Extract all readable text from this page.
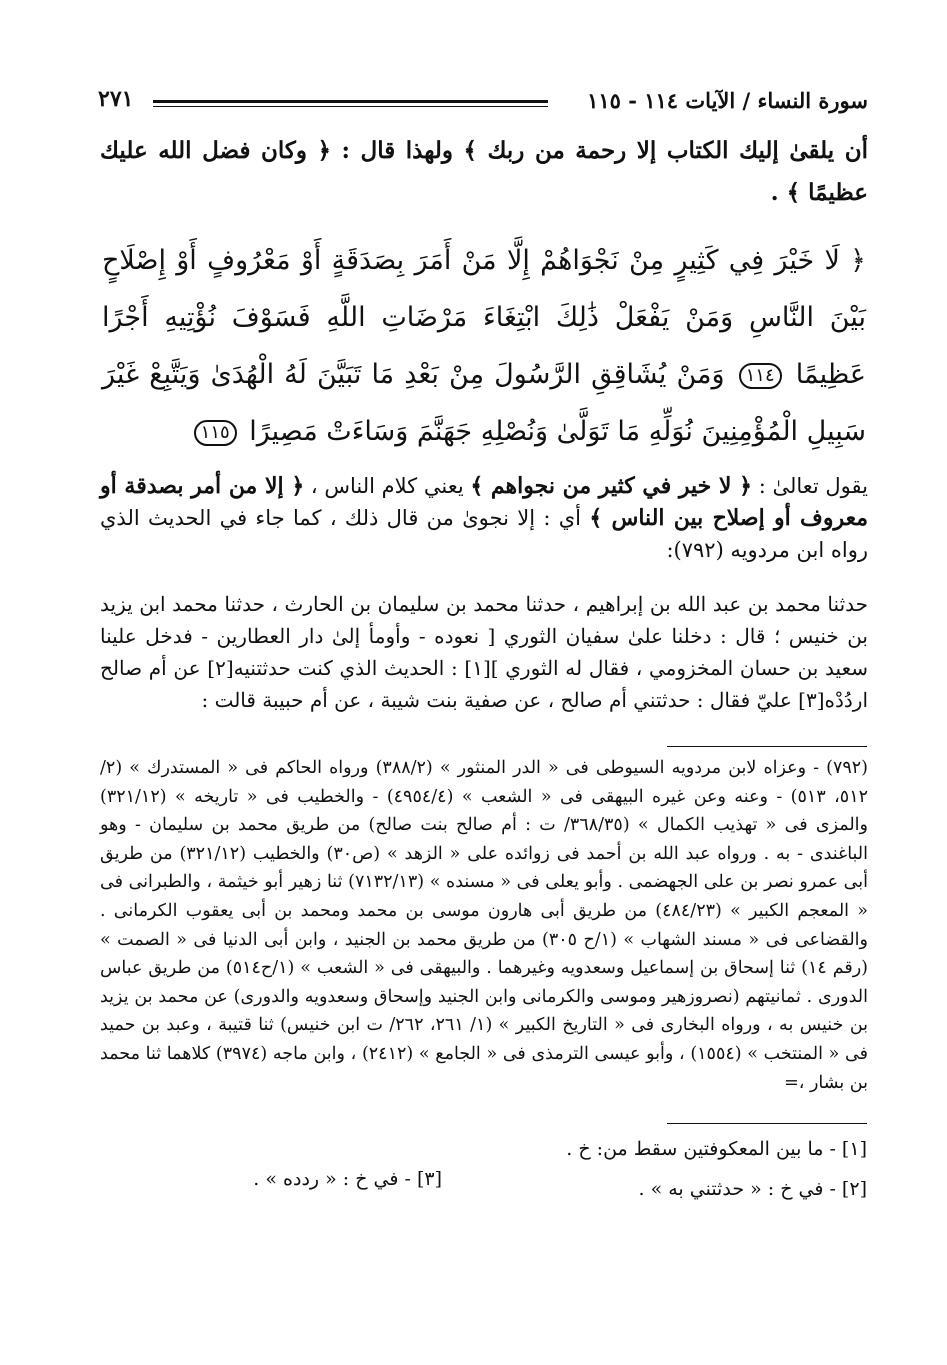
٢٧١	سورة النساء / الآيات ١١٤ - ١١٥
أن يلقىٰ إليك الكتاب إلا رحمة من ربك ﴾ ولهذا قال : ﴿ وكان فضل الله عليك عظيمًا ﴾ .
﴿ لَا خَيْرَ فِي كَثِيرٍ مِنْ نَجْوَاهُمْ إِلَّا مَنْ أَمَرَ بِصَدَقَةٍ أَوْ مَعْرُوفٍ أَوْ إِصْلَاحٍ بَيْنَ النَّاسِ وَمَنْ يَفْعَلْ ذَٰلِكَ ابْتِغَاءَ مَرْضَاتِ اللَّهِ فَسَوْفَ نُؤْتِيهِ أَجْرًا عَظِيمًا ١١٤ وَمَنْ يُشَاقِقِ الرَّسُولَ مِنْ بَعْدِ مَا تَبَيَّنَ لَهُ الْهُدَىٰ وَيَتَّبِعْ غَيْرَ سَبِيلِ الْمُؤْمِنِينَ نُوَلِّهِ مَا تَوَلَّىٰ وَنُصْلِهِ جَهَنَّمَ وَسَاءَتْ مَصِيرًا ١١٥
يقول تعالىٰ : ﴿ لا خير في كثير من نجواهم ﴾ يعني كلام الناس ، ﴿ إلا من أمر بصدقة أو معروف أو إصلاح بين الناس ﴾ أي : إلا نجوىٰ من قال ذلك ، كما جاء في الحديث الذي رواه ابن مردويه (٧٩٢):
حدثنا محمد بن عبد الله بن إبراهيم ، حدثنا محمد بن سليمان بن الحارث ، حدثنا محمد ابن يزيد بن خنيس ؛ قال : دخلنا علىٰ سفيان الثوري [ نعوده - وأومأ إلىٰ دار العطارين - فدخل علينا سعيد بن حسان المخزومي ، فقال له الثوري ][١] : الحديث الذي كنت حدثتنيه[٢] عن أم صالح اردُدْه[٣] عليّ فقال : حدثتني أم صالح ، عن صفية بنت شيبة ، عن أم حبيبة قالت :
(٧٩٢) - وعزاه لابن مردويه السيوطى فى « الدر المنثور » (٣٨٨/٢) ورواه الحاكم فى « المستدرك » (٢/ ٥١٢، ٥١٣) - وعنه وعن غيره البيهقى فى « الشعب » (٤٩٥٤/٤) - والخطيب فى « تاريخه » (٣٢١/١٢) والمزى فى « تهذيب الكمال » (٣٦٨/٣٥/ ت : أم صالح بنت صالح) من طريق محمد بن سليمان - وهو الباغندى - به . ورواه عبد الله بن أحمد فى زوائده على « الزهد » (ص٣٠) والخطيب (٣٢١/١٢) من طريق أبى عمرو نصر بن على الجهضمى . وأبو يعلى فى « مسنده » (٧١٣٢/١٣) ثنا زهير أبو خيثمة ، والطبرانى فى « المعجم الكبير » (٤٨٤/٢٣) من طريق أبى هارون موسى بن محمد ومحمد بن أبى يعقوب الكرمانى . والقضاعى فى « مسند الشهاب » (١/ح ٣٠٥) من طريق محمد بن الجنيد ، وابن أبى الدنيا فى « الصمت » (رقم ١٤) ثنا إسحاق بن إسماعيل وسعدويه وغيرهما . والبيهقى فى « الشعب » (١/ح٥١٤) من طريق عباس الدورى . ثمانيتهم (نصروزهير وموسى والكرمانى وابن الجنيد وإسحاق وسعدويه والدورى) عن محمد بن يزيد بن خنيس به ، ورواه البخارى فى « التاريخ الكبير » (١/ ٢٦١، ٢٦٢/ ت ابن خنيس) ثنا قتيبة ، وعبد بن حميد فى « المنتخب » (١٥٥٤) ، وأبو عيسى الترمذى فى « الجامع » (٢٤١٢) ، وابن ماجه (٣٩٧٤) كلاهما ثنا محمد بن بشار ،=
[١] - ما بين المعكوفتين سقط من: خ .
[٢] - في خ : « حدثتني به » .
[٣] - في خ : « ردده » .
